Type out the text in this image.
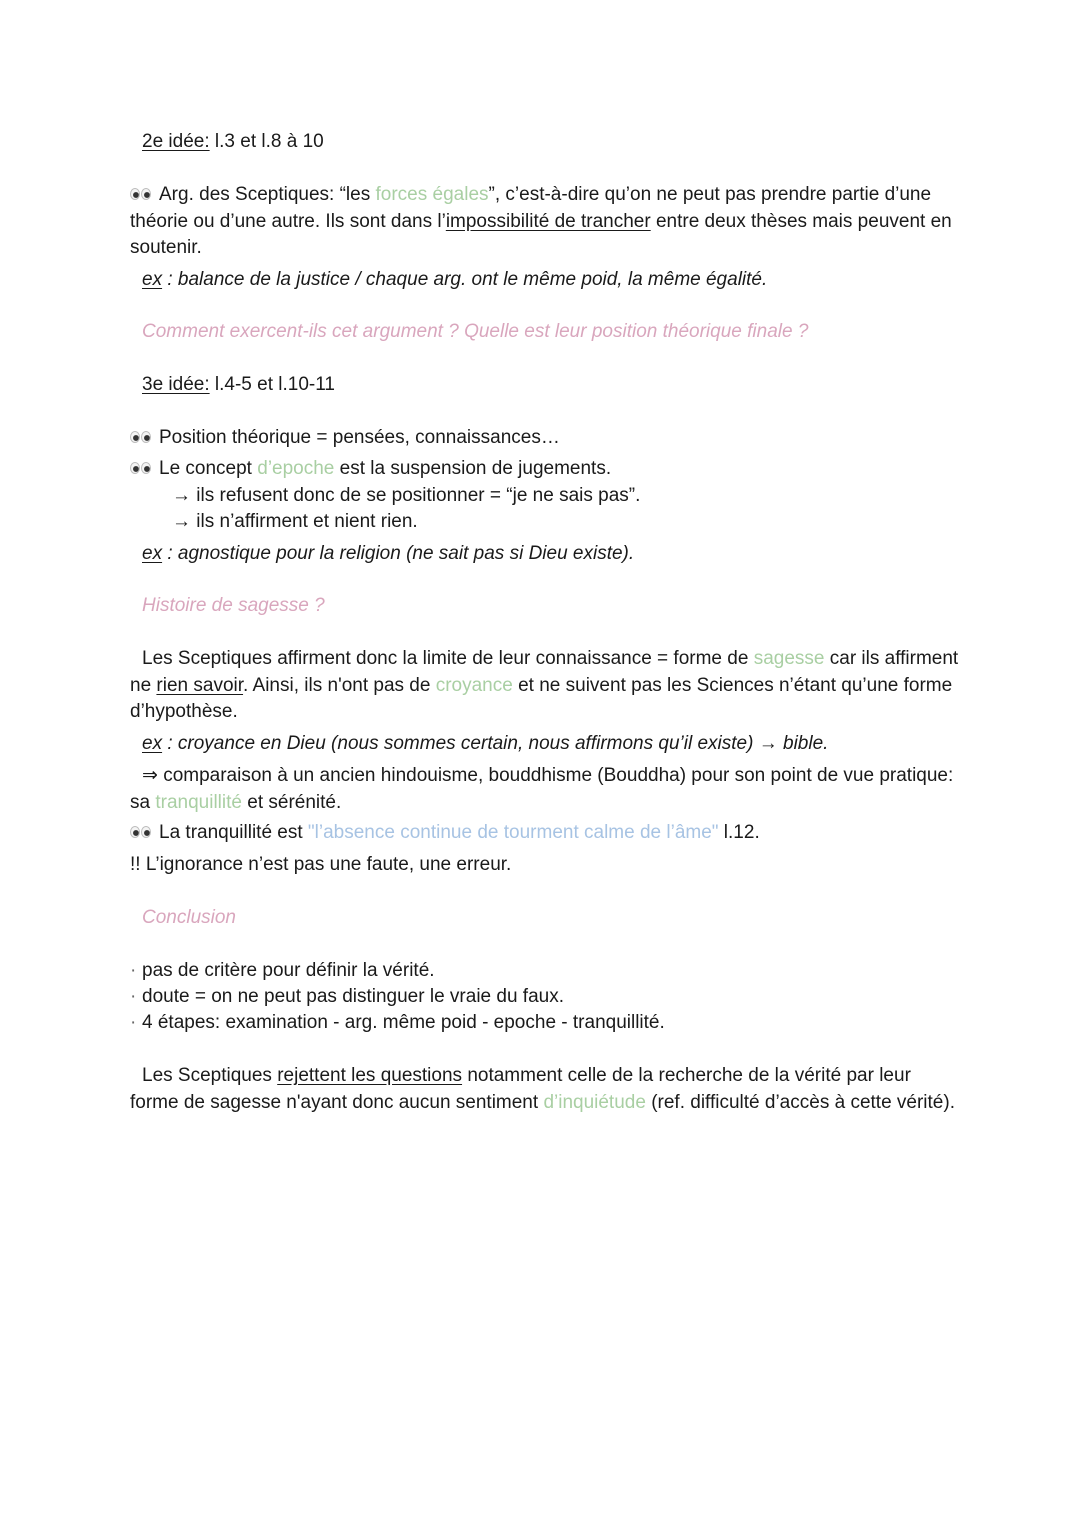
2e idée: l.3 et l.8 à 10
Arg. des Sceptiques: “les forces égales”, c’est-à-dire qu’on ne peut pas prendre partie d’une théorie ou d’une autre. Ils sont dans l’impossibilité de trancher entre deux thèses mais peuvent en soutenir.
ex : balance de la justice / chaque arg. ont le même poid, la même égalité.
Comment exercent-ils cet argument ? Quelle est leur position théorique finale ?
3e idée: l.4-5 et l.10-11
Position théorique = pensées, connaissances…
Le concept d’epoche est la suspension de jugements.
→ ils refusent donc de se positionner = “je ne sais pas”.
→ ils n’affirment et nient rien.
ex : agnostique pour la religion (ne sait pas si Dieu existe).
Histoire de sagesse ?
Les Sceptiques affirment donc la limite de leur connaissance = forme de sagesse car ils affirment ne rien savoir. Ainsi, ils n'ont pas de croyance et ne suivent pas les Sciences n’étant qu’une forme d’hypothèse.
ex : croyance en Dieu (nous sommes certain, nous affirmons qu’il existe) → bible.
⇒ comparaison à un ancien hindouisme, bouddhisme (Bouddha) pour son point de vue pratique: sa tranquillité et sérénité.
La tranquillité est "l’absence continue de tourment calme de l’âme" l.12.
!! L’ignorance n’est pas une faute, une erreur.
Conclusion
· pas de critère pour définir la vérité.
· doute = on ne peut pas distinguer le vraie du faux.
· 4 étapes: examination - arg. même poid - epoche - tranquillité.
Les Sceptiques rejettent les questions notamment celle de la recherche de la vérité par leur forme de sagesse n'ayant donc aucun sentiment d’inquiétude (ref. difficulté d’accès à cette vérité).
